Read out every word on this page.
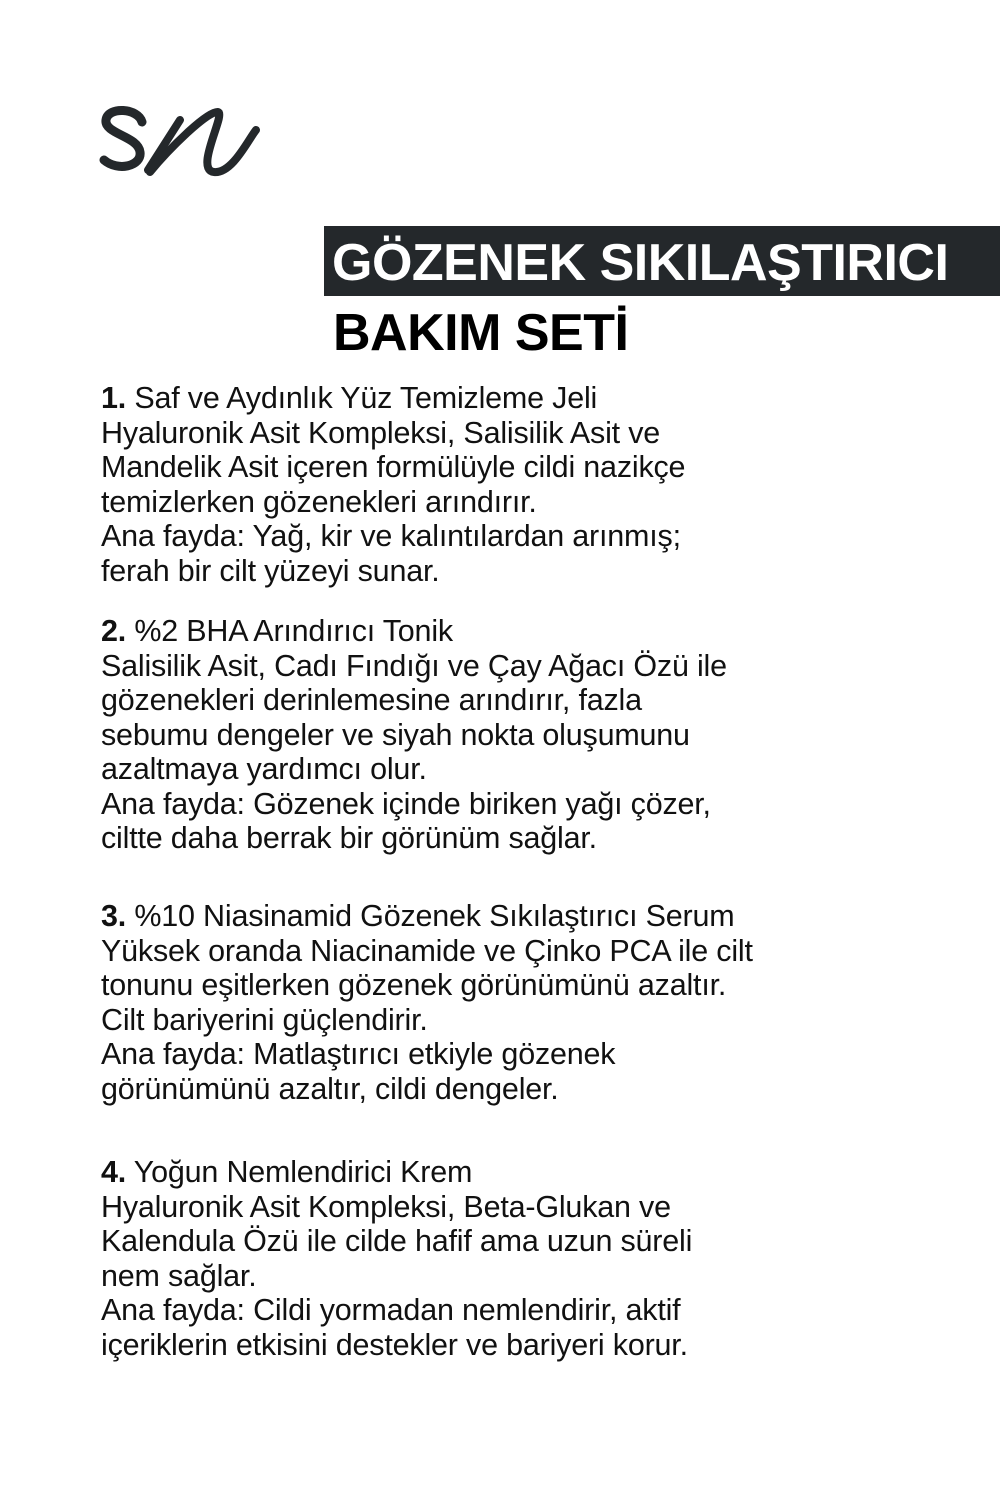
GÖZENEK SIKILAŞTIRICI
BAKIM SETİ

1. Saf ve Aydınlık Yüz Temizleme Jeli

Hyaluronik Asit Kompleksi, Salisilik Asit ve

Mandelik Asit içeren formülüyle cildi nazikçe

temizlerken gözenekleri arındırır.

Ana fayda: Yağ, kir ve kalıntılardan arınmış;

ferah bir cilt yüzeyi sunar.

2. %2 BHA Arındırıcı Tonik

Salisilik Asit, Cadı Fındığı ve Çay Ağacı Özü ile

gözenekleri derinlemesine arındırır, fazla

sebumu dengeler ve siyah nokta oluşumunu

azaltmaya yardımcı olur.

Ana fayda: Gözenek içinde biriken yağı çözer,

ciltte daha berrak bir görünüm sağlar.

3. %10 Niasinamid Gözenek Sıkılaştırıcı Serum

Yüksek oranda Niacinamide ve Çinko PCA ile cilt

tonunu eşitlerken gözenek görünümünü azaltır.

Cilt bariyerini güçlendirir.

Ana fayda: Matlaştırıcı etkiyle gözenek

görünümünü azaltır, cildi dengeler.

4. Yoğun Nemlendirici Krem

Hyaluronik Asit Kompleksi, Beta-Glukan ve

Kalendula Özü ile cilde hafif ama uzun süreli

nem sağlar.

Ana fayda: Cildi yormadan nemlendirir, aktif

içeriklerin etkisini destekler ve bariyeri korur.
